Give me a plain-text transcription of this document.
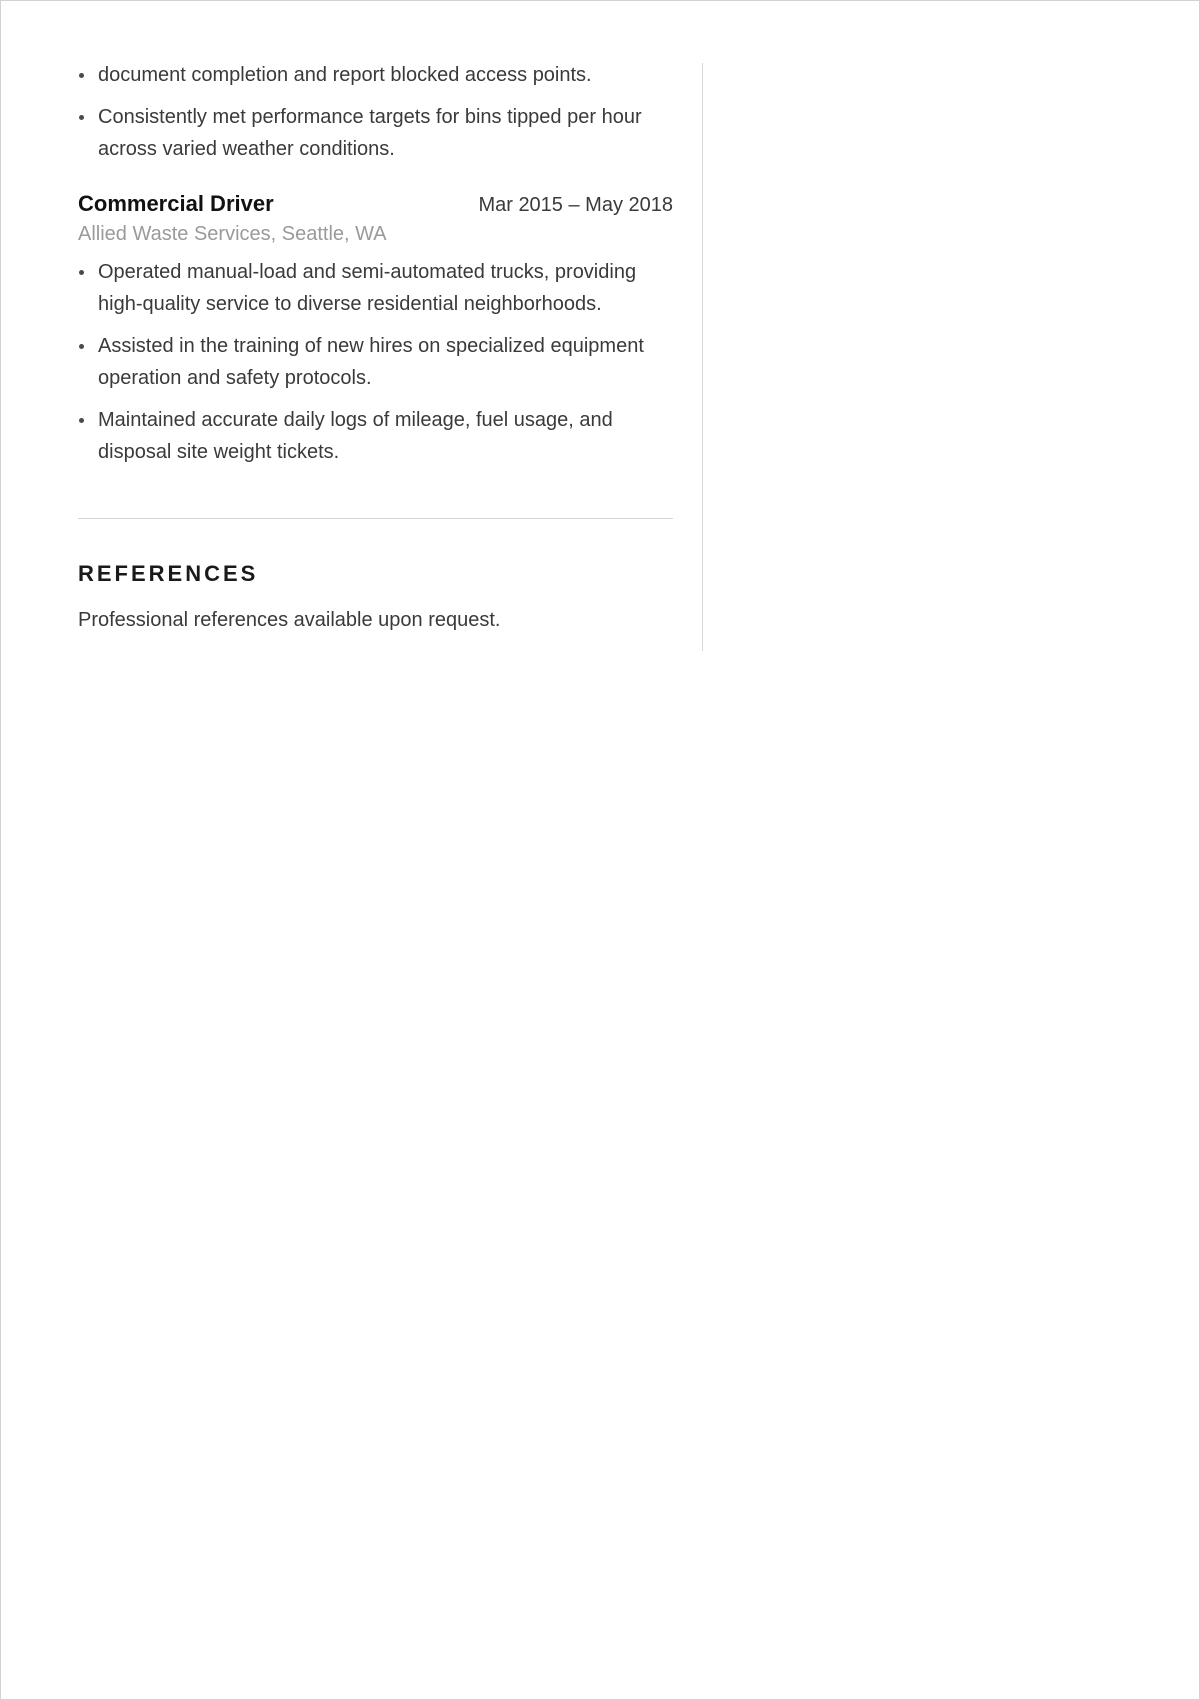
document completion and report blocked access points.
Consistently met performance targets for bins tipped per hour across varied weather conditions.
Commercial Driver	Mar 2015 – May 2018
Allied Waste Services, Seattle, WA
Operated manual-load and semi-automated trucks, providing high-quality service to diverse residential neighborhoods.
Assisted in the training of new hires on specialized equipment operation and safety protocols.
Maintained accurate daily logs of mileage, fuel usage, and disposal site weight tickets.
REFERENCES
Professional references available upon request.
